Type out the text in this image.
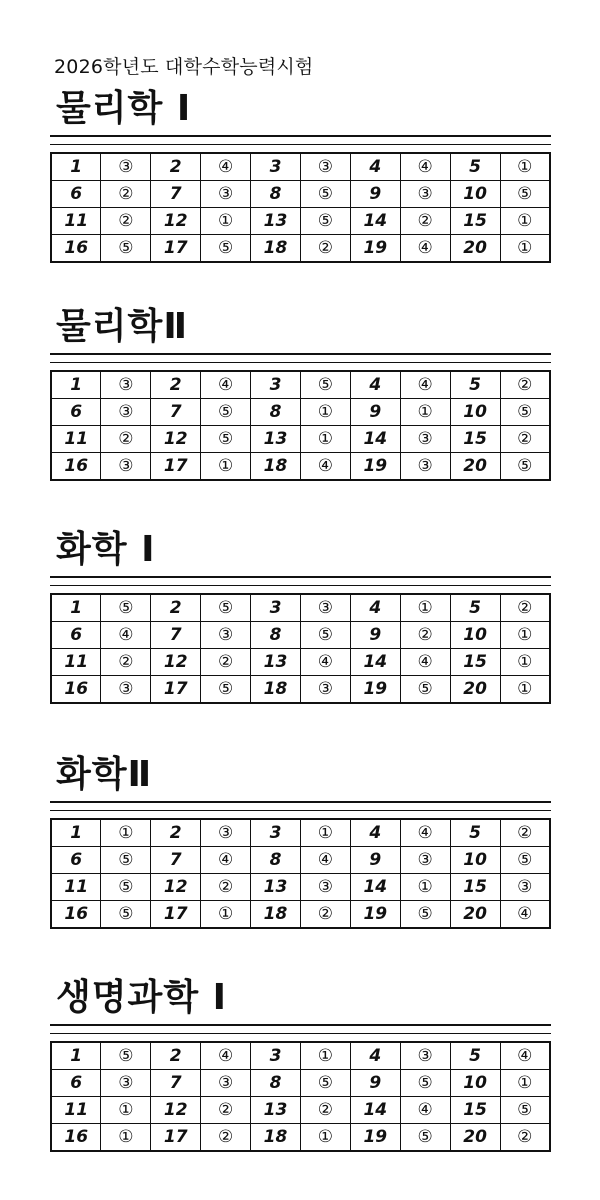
2026학년도 대학수학능력시험
물리학 I
1	③	2	④	3	③	4	④	5	①
6	②	7	③	8	⑤	9	③	10	⑤
11	②	12	①	13	⑤	14	②	15	①
16	⑤	17	⑤	18	②	19	④	20	①
물리학Ⅱ
1	③	2	④	3	⑤	4	④	5	②
6	③	7	⑤	8	①	9	①	10	⑤
11	②	12	⑤	13	①	14	③	15	②
16	③	17	①	18	④	19	③	20	⑤
화학 I
1	⑤	2	⑤	3	③	4	①	5	②
6	④	7	③	8	⑤	9	②	10	①
11	②	12	②	13	④	14	④	15	①
16	③	17	⑤	18	③	19	⑤	20	①
화학Ⅱ
1	①	2	③	3	①	4	④	5	②
6	⑤	7	④	8	④	9	③	10	⑤
11	⑤	12	②	13	③	14	①	15	③
16	⑤	17	①	18	②	19	⑤	20	④
생명과학 I
1	⑤	2	④	3	①	4	③	5	④
6	③	7	③	8	⑤	9	⑤	10	①
11	①	12	②	13	②	14	④	15	⑤
16	①	17	②	18	①	19	⑤	20	②
